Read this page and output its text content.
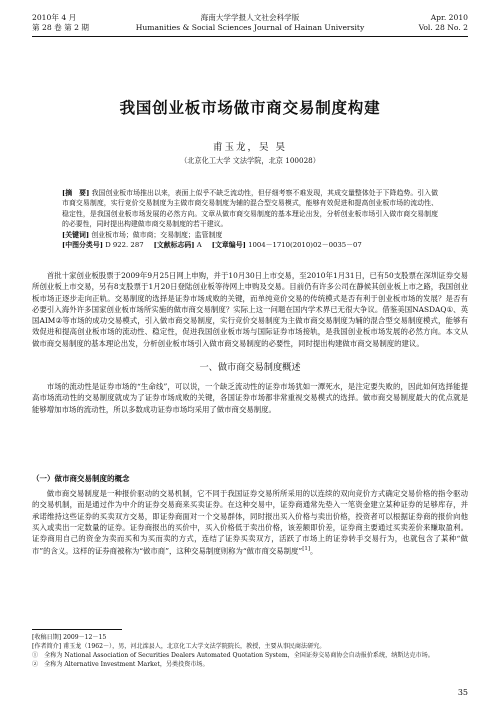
2010年 4 月
第 28 卷 第 2 期
海南大学学报人文社会科学版
Humanities & Social Sciences Journal of Hainan University
Apr. 2010
Vol. 28 No. 2
我国创业板市场做市商交易制度构建
甫玉龙，吴 昊
（北京化工大学 文法学院，北京 100028）

[摘　要] 我国创业板市场推出以来，表面上似乎不缺乏流动性，但仔细考察不难发现，其成交量整体处于下降趋势。引入做市商交易制度，实行竞价交易制度为主做市商交易制度为辅的混合型交易模式，能够有效促进和提高创业板市场的流动性、稳定性，是我国创业板市场发展的必然方向。文章从做市商交易制度的基本理论出发，分析创业板市场引入做市商交易制度的必要性，同时提出构建做市商交易制度的若干建议。

[关键词] 创业板市场；做市商；交易制度；监管制度

[中图分类号] D 922. 287 [文献标志码] A [文章编号] 1004－1710(2010)02－0035－07

首批十家创业板股票于2009年9月25日网上申购，并于10月30日上市交易，至2010年1月31日，已有50支股票在深圳证券交易所创业板上市交易，另有8支股票于1月20日登陆创业板等待网上申购及交易。目前仍有许多公司在静候其创业板上市之路，我国创业板市场正逐步走向正轨。交易制度的选择是证券市场成败的关键，而单纯竞价交易的传统模式是否有利于创业板市场的发展？是否有必要引入海外许多国家创业板市场所实施的做市商交易制度？实际上这一问题在国内学术界已无很大争议。借鉴美国NASDAQ①、英国AIM②等市场的成功交易模式，引入做市商交易制度，实行竞价交易制度为主做市商交易制度为辅的混合型交易制度模式，能够有效促进和提高创业板市场的流动性、稳定性，促进我国创业板市场与国际证券市场接轨，是我国创业板市场发展的必然方向。本文从做市商交易制度的基本理论出发，分析创业板市场引入做市商交易制度的必要性，同时提出构建做市商交易制度的建议。

一、做市商交易制度概述

市场的流动性是证券市场的“生命线”，可以说，一个缺乏流动性的证券市场犹如一潭死水，是注定要失败的，因此如何选择能提高市场流动性的交易制度就成为了证券市场成败的关键，各国证券市场都非常重视交易模式的选择。做市商交易制度最大的优点就是能够增加市场的流动性，所以多数成功证券市场均采用了做市商交易制度。

（一）做市商交易制度的概念

做市商交易制度是一种报价驱动的交易机制，它不同于我国证券交易所所采用的以连续的双向竞价方式确定交易价格的指令驱动的交易机制，而是通过作为中介的证券交易商来买卖证券。在这种交易中，证券商通常先垫入一笔资金建立某种证券的足够库存，并承诺维持这些证券的买卖双方交易，即证券商面对一个交易群体，同时报出买入价格与卖出价格，投资者可以根据证券商的报价向他买入或卖出一定数量的证券。证券商报出的买价中，买入价格低于卖出价格，该差额即价差，证券商主要通过买卖差价来赚取盈利。证券商用自己的资金为卖而买和为买而卖的方式，连结了证券买卖双方，活跃了市场上的证券转手交易行为，也就包含了某种“做市”的含义。这样的证券商被称为“做市商”，这种交易制度则称为“做市商交易制度”[1]。

[收稿日期] 2009－12－15
[作者简介] 甫玉龙（1962－），男，河北滦县人，北京化工大学文法学院院长，教授，主要从事民商法研究。
①　全称为 National Association of Securities Dealers Automated Quotation System，全国证券交易商协会自动报价系统，纳斯达克市场。
②　全称为 Alternative Investment Market，另类投资市场。
35
